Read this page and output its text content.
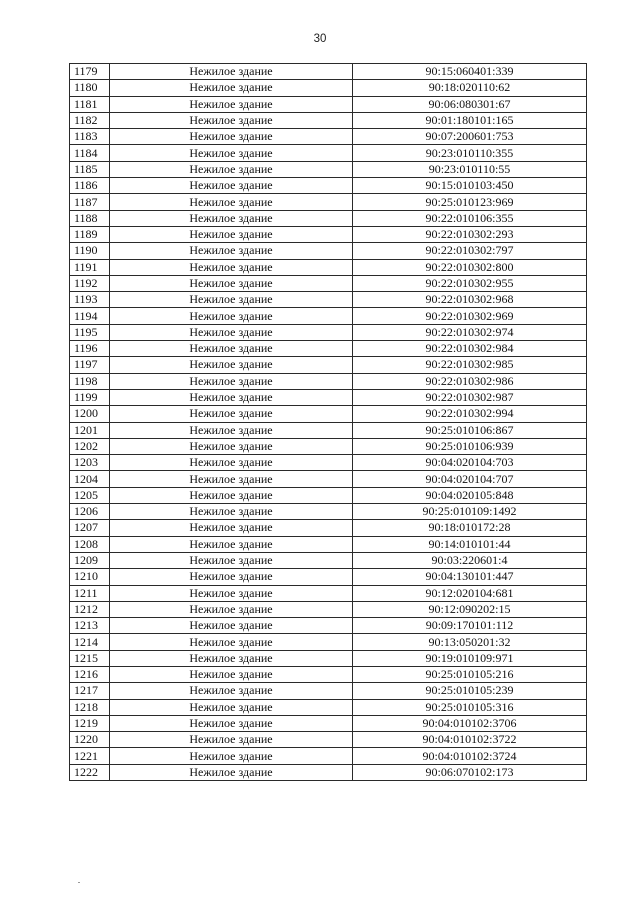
30
1179	Нежилое здание	90:15:060401:339
1180	Нежилое здание	90:18:020110:62
1181	Нежилое здание	90:06:080301:67
1182	Нежилое здание	90:01:180101:165
1183	Нежилое здание	90:07:200601:753
1184	Нежилое здание	90:23:010110:355
1185	Нежилое здание	90:23:010110:55
1186	Нежилое здание	90:15:010103:450
1187	Нежилое здание	90:25:010123:969
1188	Нежилое здание	90:22:010106:355
1189	Нежилое здание	90:22:010302:293
1190	Нежилое здание	90:22:010302:797
1191	Нежилое здание	90:22:010302:800
1192	Нежилое здание	90:22:010302:955
1193	Нежилое здание	90:22:010302:968
1194	Нежилое здание	90:22:010302:969
1195	Нежилое здание	90:22:010302:974
1196	Нежилое здание	90:22:010302:984
1197	Нежилое здание	90:22:010302:985
1198	Нежилое здание	90:22:010302:986
1199	Нежилое здание	90:22:010302:987
1200	Нежилое здание	90:22:010302:994
1201	Нежилое здание	90:25:010106:867
1202	Нежилое здание	90:25:010106:939
1203	Нежилое здание	90:04:020104:703
1204	Нежилое здание	90:04:020104:707
1205	Нежилое здание	90:04:020105:848
1206	Нежилое здание	90:25:010109:1492
1207	Нежилое здание	90:18:010172:28
1208	Нежилое здание	90:14:010101:44
1209	Нежилое здание	90:03:220601:4
1210	Нежилое здание	90:04:130101:447
1211	Нежилое здание	90:12:020104:681
1212	Нежилое здание	90:12:090202:15
1213	Нежилое здание	90:09:170101:112
1214	Нежилое здание	90:13:050201:32
1215	Нежилое здание	90:19:010109:971
1216	Нежилое здание	90:25:010105:216
1217	Нежилое здание	90:25:010105:239
1218	Нежилое здание	90:25:010105:316
1219	Нежилое здание	90:04:010102:3706
1220	Нежилое здание	90:04:010102:3722
1221	Нежилое здание	90:04:010102:3724
1222	Нежилое здание	90:06:070102:173
